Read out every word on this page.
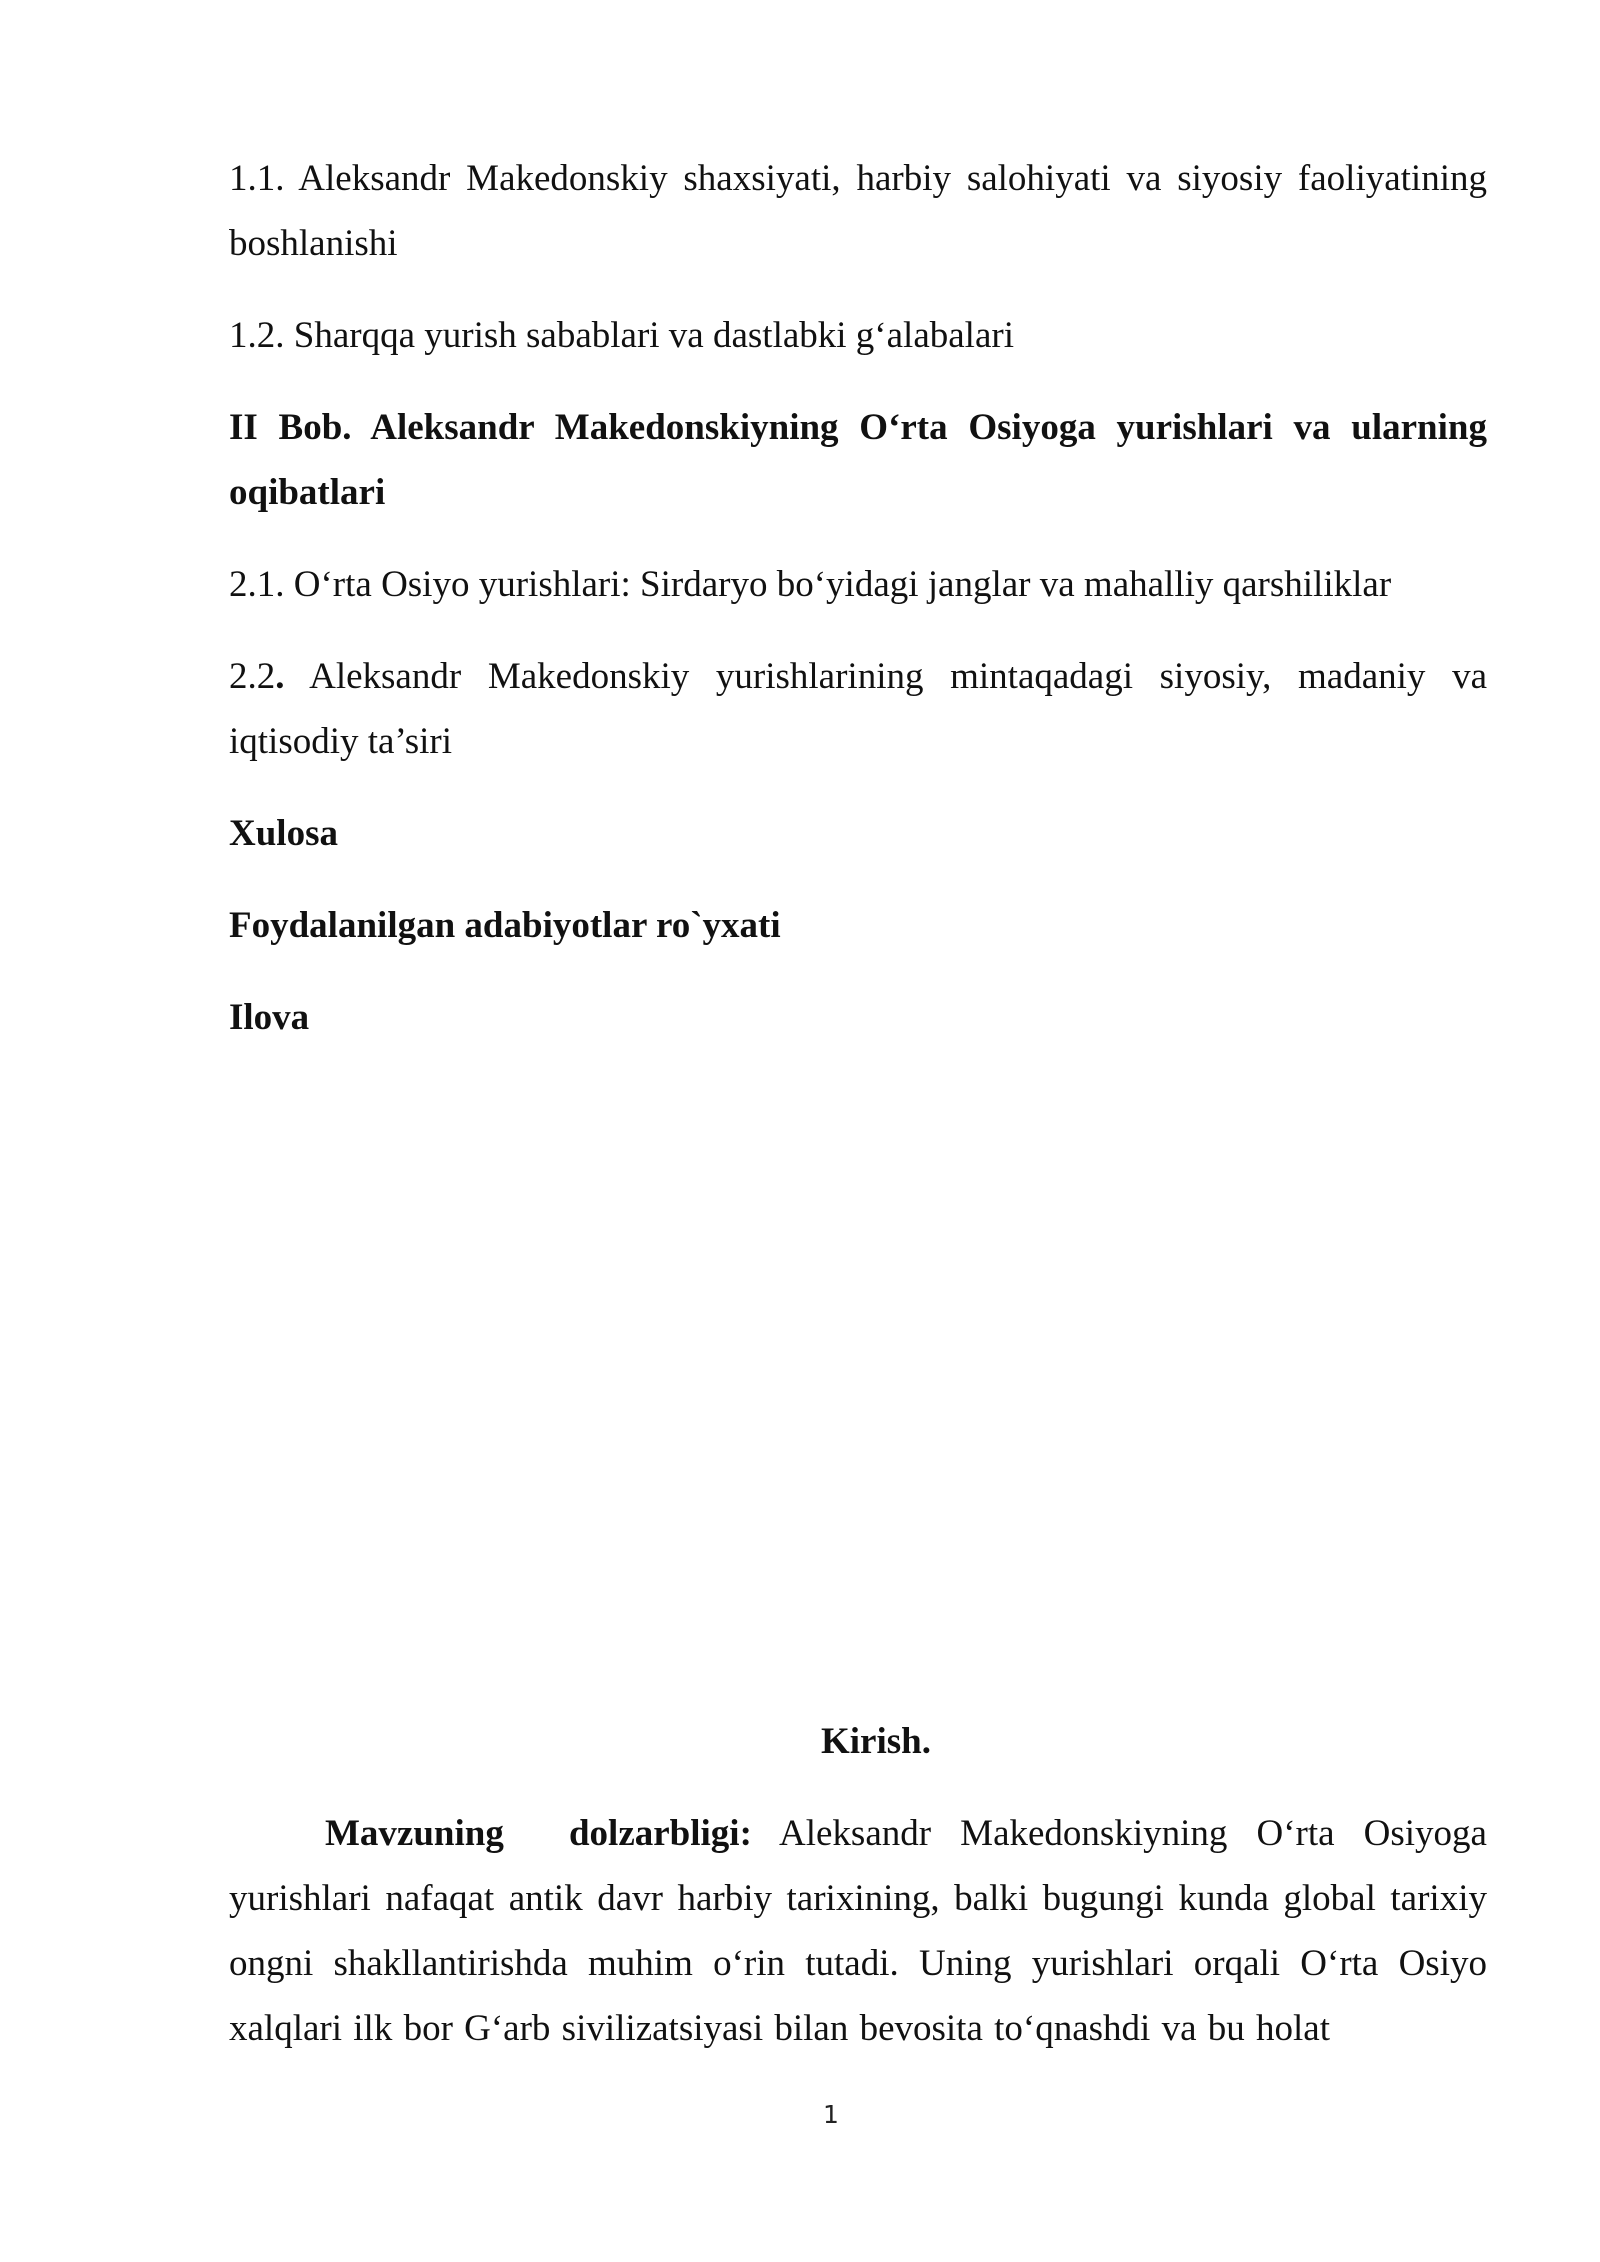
1.1. Aleksandr Makedonskiy shaxsiyati, harbiy salohiyati va siyosiy faoliyatining boshlanishi

1.2. Sharqqa yurish sabablari va dastlabki g‘alabalari

II Bob. Aleksandr Makedonskiyning O‘rta Osiyoga yurishlari va ularning oqibatlari

2.1. O‘rta Osiyo yurishlari: Sirdaryo bo‘yidagi janglar va mahalliy qarshiliklar

2.2. Aleksandr Makedonskiy yurishlarining mintaqadagi siyosiy, madaniy va iqtisodiy ta’siri

Xulosa

Foydalanilgan adabiyotlar ro`yxati

Ilova

Kirish.

Mavzuning dolzarbligi: Aleksandr Makedonskiyning O‘rta Osiyoga yurishlari nafaqat antik davr harbiy tarixining, balki bugungi kunda global tarixiy ongni shakllantirishda muhim o‘rin tutadi. Uning yurishlari orqali O‘rta Osiyo xalqlari ilk bor G‘arb sivilizatsiyasi bilan bevosita to‘qnashdi va bu holat

1
